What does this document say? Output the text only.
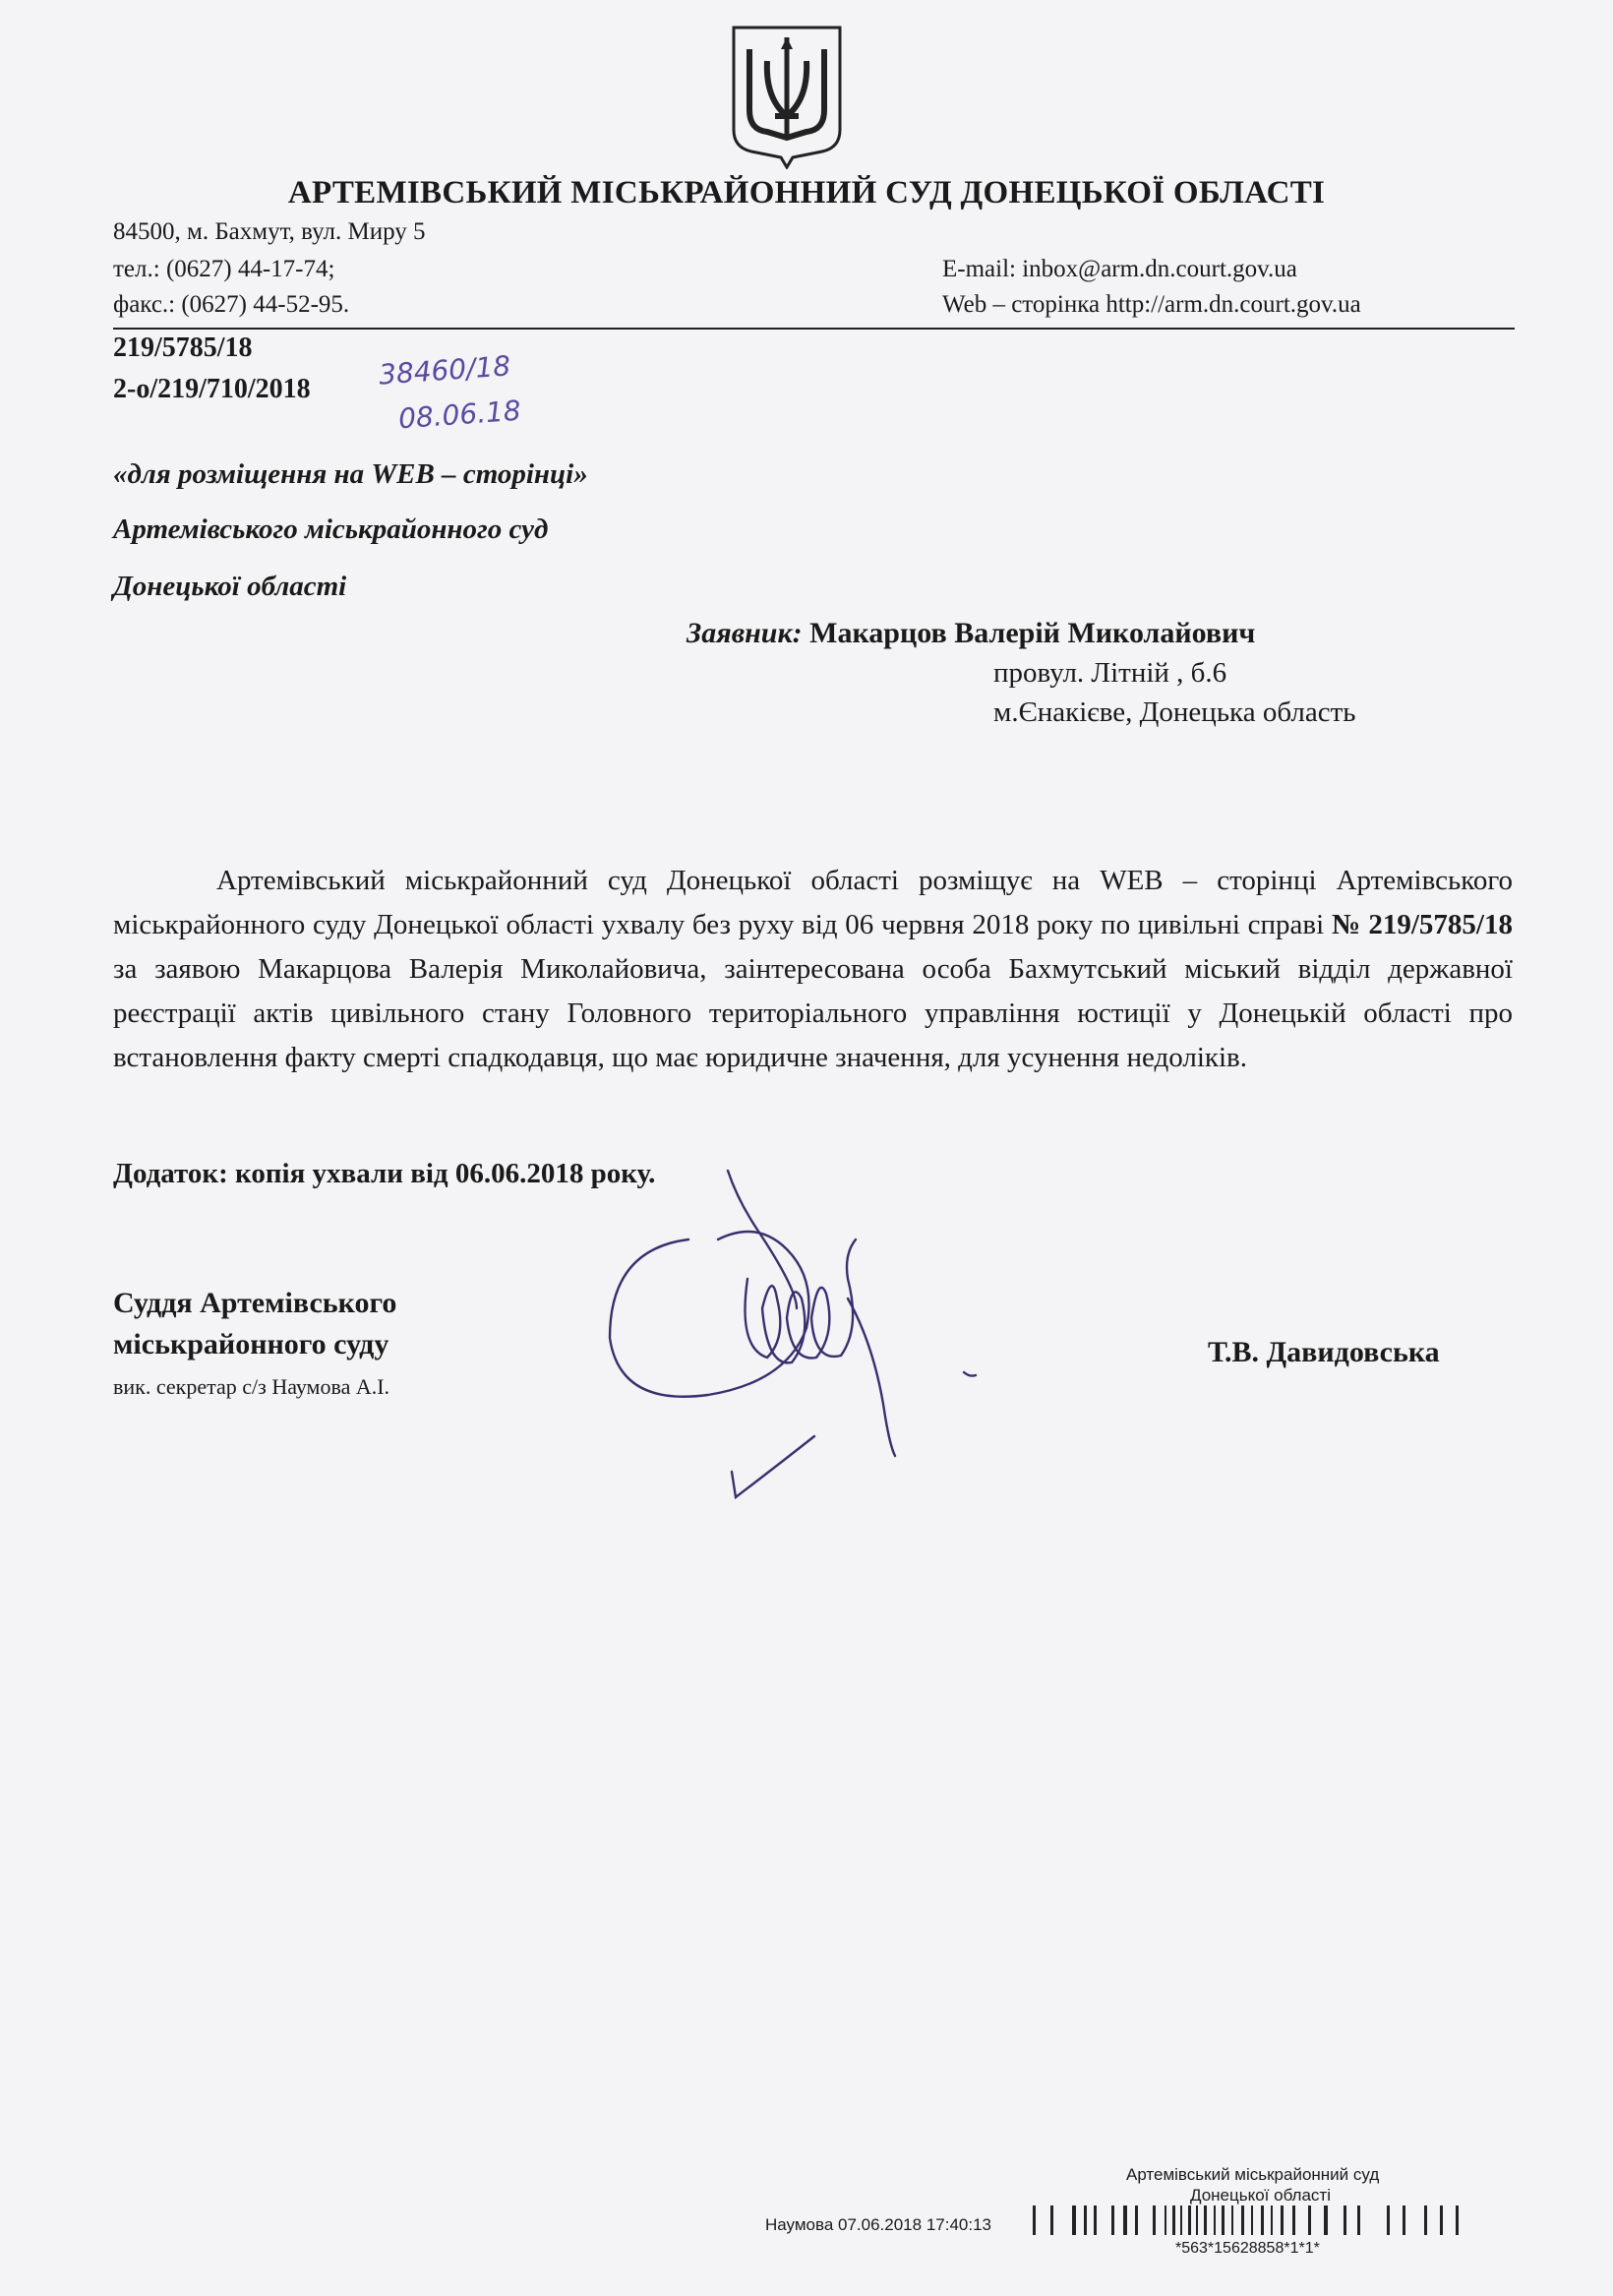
АРТЕМІВСЬКИЙ МІСЬКРАЙОННИЙ СУД ДОНЕЦЬКОЇ ОБЛАСТІ
84500, м. Бахмут, вул. Миру 5
тел.: (0627) 44-17-74;
факс.: (0627) 44-52-95.
E-mail: inbox@arm.dn.court.gov.ua
Web – сторінка http://arm.dn.court.gov.ua
219/5785/18
2-о/219/710/2018 38460/18
08.06.18
«для розміщення на WEB – сторінці»
Артемівського міськрайонного суд
Донецької області
Заявник: Макарцов Валерій Миколайович
провул. Літній , б.6
м.Єнакієве, Донецька область
Артемівський міськрайонний суд Донецької області розміщує на WEB – сторінці Артемівського міськрайонного суду Донецької області ухвалу без руху від 06 червня 2018 року по цивільні справі № 219/5785/18 за заявою Макарцова Валерія Миколайовича, заінтересована особа Бахмутський міський відділ державної реєстрації актів цивільного стану Головного територіального управління юстиції у Донецькій області про встановлення факту смерті спадкодавця, що має юридичне значення, для усунення недоліків.
Додаток: копія ухвали від 06.06.2018 року.
Суддя Артемівського
міськрайонного суду
вик. секретар с/з Наумова А.І.
Т.В. Давидовська
Артемівський міськрайонний суд
Донецької області
Наумова 07.06.2018 17:40:13
*563*15628858*1*1*
